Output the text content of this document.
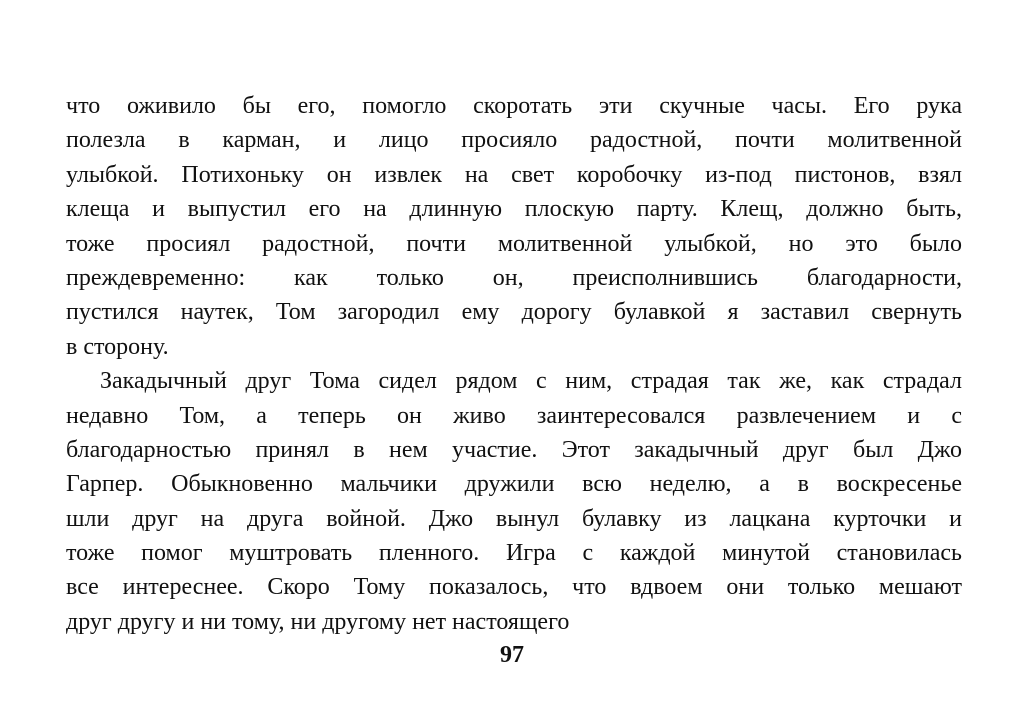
что оживило бы его, помогло скоротать эти скучные часы. Его рука
полезла в карман, и лицо просияло радостной, почти молитвенной
улыбкой. Потихоньку он извлек на свет коробочку из-под пистонов, взял
клеща и выпустил его на длинную плоскую парту. Клещ, должно быть,
тоже просиял радостной, почти молитвенной улыбкой, но это было
преждевременно: как только он, преисполнившись благодарности,
пустился наутек, Том загородил ему дорогу булавкой я заставил свернуть
в сторону.
Закадычный друг Тома сидел рядом с ним, страдая так же, как страдал
недавно Том, а теперь он живо заинтересовался развлечением и с
благодарностью принял в нем участие. Этот закадычный друг был Джо
Гарпер. Обыкновенно мальчики дружили всю неделю, а в воскресенье
шли друг на друга войной. Джо вынул булавку из лацкана курточки и
тоже помог муштровать пленного. Игра с каждой минутой становилась
все интереснее. Скоро Тому показалось, что вдвоем они только мешают
друг другу и ни тому, ни другому нет настоящего
97
